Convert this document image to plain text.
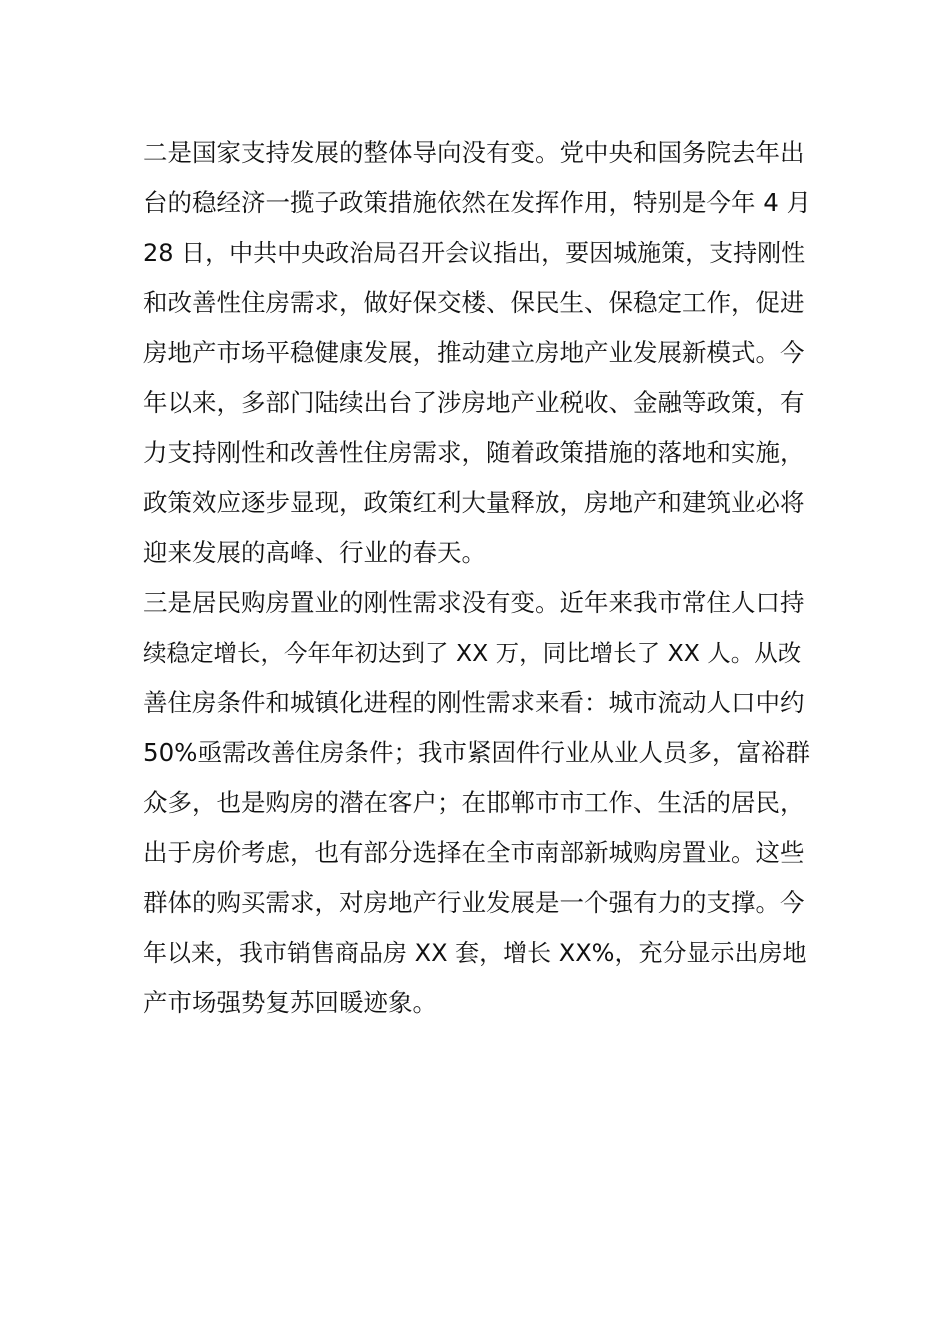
二是国家支持发展的整体导向没有变。党中央和国务院去年出
台的稳经济一揽子政策措施依然在发挥作用，特别是今年 4 月
28 日，中共中央政治局召开会议指出，要因城施策，支持刚性
和改善性住房需求，做好保交楼、保民生、保稳定工作，促进
房地产市场平稳健康发展，推动建立房地产业发展新模式。今
年以来，多部门陆续出台了涉房地产业税收、金融等政策，有
力支持刚性和改善性住房需求，随着政策措施的落地和实施，
政策效应逐步显现，政策红利大量释放，房地产和建筑业必将
迎来发展的高峰、行业的春天。
三是居民购房置业的刚性需求没有变。近年来我市常住人口持
续稳定增长，今年年初达到了 XX 万，同比增长了 XX 人。从改
善住房条件和城镇化进程的刚性需求来看：城市流动人口中约
50%亟需改善住房条件；我市紧固件行业从业人员多，富裕群
众多，也是购房的潜在客户；在邯郸市市工作、生活的居民，
出于房价考虑，也有部分选择在全市南部新城购房置业。这些
群体的购买需求，对房地产行业发展是一个强有力的支撑。今
年以来，我市销售商品房 XX 套，增长 XX%，充分显示出房地
产市场强势复苏回暖迹象。
